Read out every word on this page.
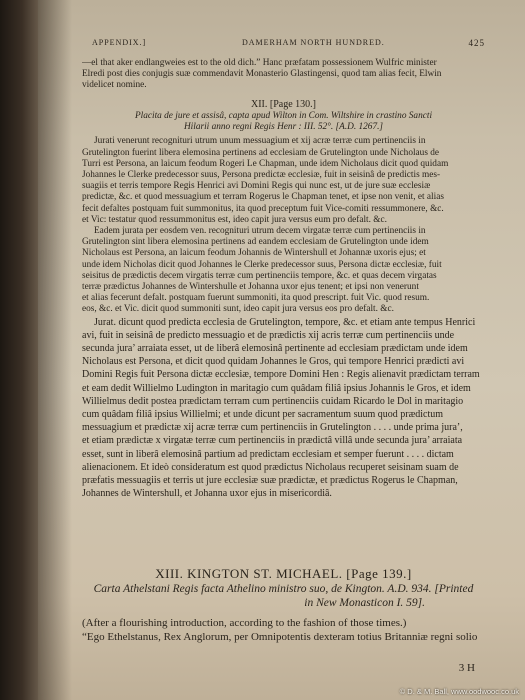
APPENDIX.]	DAMERHAM NORTH HUNDRED.	425
—el that aker endlangweies est to the old dich.” Hanc præfatam possessionem Wulfric minister
Elredi post dies conjugis suæ commendavit Monasterio Glastingensi, quod tam alias fecit, Elwin
videlicet nomine.
XII. [Page 130.]
Placita de jure et assisâ, capta apud Wilton in Com. Wiltshire in crastino Sancti
Hilarii anno regni Regis Henr : III. 52°. [A.D. 1267.]
Jurati venerunt recognituri utrum unum messuagium et xij acræ terræ cum pertinenciis in
Grutelington fuerint libera elemosina pertinens ad ecclesiam de Grutelington unde Nicholaus de
Turri est Persona, an laicum feodum Rogeri Le Chapman, unde idem Nicholaus dicit quod quidam
Johannes le Clerke predecessor suus, Persona predictæ ecclesiæ, fuit in seisinâ de predictis mes-
suagiis et terris tempore Regis Henrici avi Domini Regis qui nunc est, ut de jure suæ ecclesiæ
predictæ, &c. et quod messuagium et terram Rogerus le Chapman tenet, et ipse non venit, et alias
fecit defaltes postquam fuit summonitus, ita quod preceptum fuit Vice-comiti ressummonere, &c.
et Vic: testatur quod ressummonitus est, ideo capit jura versus eum pro defalt. &c.
Eadem jurata per eosdem ven. recognituri utrum decem virgatæ terræ cum pertinenciis in
Grutelington sint libera elemosina pertinens ad eandem ecclesiam de Grutelington unde idem
Nicholaus est Persona, an laicum feodum Johannis de Wintershull et Johannæ uxoris ejus; et
unde idem Nicholas dicit quod Johannes le Clerke predecessor suus, Persona dictæ ecclesiæ, fuit
seisitus de prædictis decem virgatis terræ cum pertinenciis tempore, &c. et quas decem virgatas
terræ prædictus Johannes de Wintershulle et Johanna uxor ejus tenent; et ipsi non venerunt
et alias fecerunt defalt. postquam fuerunt summoniti, ita quod prescript. fuit Vic. quod resum.
eos, &c. et Vic. dicit quod summoniti sunt, ideo capit jura versus eos pro defalt. &c.
Jurat. dicunt quod predicta ecclesia de Grutelington, tempore, &c. et etiam ante tempus Henrici
avi, fuit in seisinâ de predicto messuagio et de prædictis xij acris terræ cum pertinenciis unde
secunda jura’ arraiata esset, ut de liberâ elemosinâ pertinente ad ecclesiam prædictam unde idem
Nicholaus est Persona, et dicit quod quidam Johannes le Gros, qui tempore Henrici prædicti avi
Domini Regis fuit Persona dictæ ecclesiæ, tempore Domini Hen : Regis alienavit prædictam terram
et eam dedit Willielmo Ludington in maritagio cum quâdam filiâ ipsius Johannis le Gros, et idem
Willielmus dedit postea prædictam terram cum pertinenciis cuidam Ricardo le Dol in maritagio
cum quâdam filiâ ipsius Willielmi; et unde dicunt per sacramentum suum quod prædictum
messuagium et prædictæ xij acræ terræ cum pertinenciis in Grutelington . . . . unde prima jura’,
et etiam prædictæ x virgatæ terræ cum pertinenciis in prædictâ villâ unde secunda jura’ arraiata
esset, sunt in liberâ elemosinâ partium ad predictam ecclesiam et semper fuerunt . . . . dictam
alienacionem. Et ideò consideratum est quod prædictus Nicholaus recuperet seisinam suam de
præfatis messuagiis et terris ut jure ecclesiæ suæ prædictæ, et prædictus Rogerus le Chapman,
Johannes de Wintershull, et Johanna uxor ejus in misericordiâ.
XIII. KINGTON ST. MICHAEL. [Page 139.]
Carta Athelstani Regis facta Athelino ministro suo, de Kington. A.D. 934. [Printed
in New Monasticon I. 59].
(After a flourishing introduction, according to the fashion of those times.)
“Ego Ethelstanus, Rex Anglorum, per Omnipotentis dexteram totius Britanniæ regni solio
3 H
© D. & M. Ball, www.oodwooc.co.uk
